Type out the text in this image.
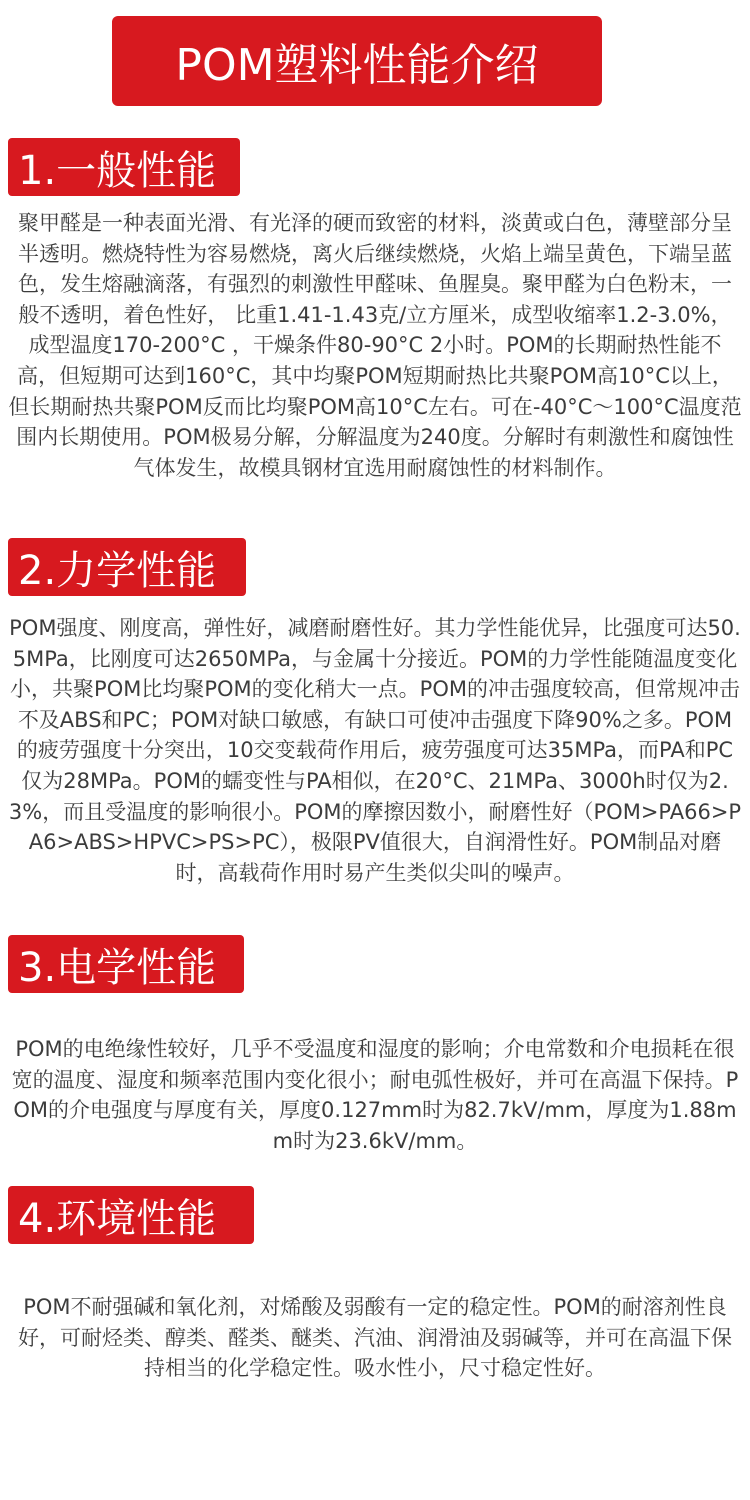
POM塑料性能介绍
1.一般性能

聚甲醛是一种表面光滑、有光泽的硬而致密的材料，淡黄或白色，薄壁部分呈半透明。燃烧特性为容易燃烧，离火后继续燃烧，火焰上端呈黄色，下端呈蓝色，发生熔融滴落，有强烈的刺激性甲醛味、鱼腥臭。聚甲醛为白色粉末，一般不透明，着色性好， 比重1.41-1.43克/立方厘米，成型收缩率1.2-3.0%，成型温度170-200°C ，干燥条件80-90°C 2小时。POM的长期耐热性能不高，但短期可达到160°C，其中均聚POM短期耐热比共聚POM高10°C以上，但长期耐热共聚POM反而比均聚POM高10°C左右。可在-40°C～100°C温度范围内长期使用。POM极易分解，分解温度为240度。分解时有刺激性和腐蚀性气体发生，故模具钢材宜选用耐腐蚀性的材料制作。

2.力学性能

POM强度、刚度高，弹性好，减磨耐磨性好。其力学性能优异，比强度可达50.5MPa，比刚度可达2650MPa，与金属十分接近。POM的力学性能随温度变化小，共聚POM比均聚POM的变化稍大一点。POM的冲击强度较高，但常规冲击不及ABS和PC；POM对缺口敏感，有缺口可使冲击强度下降90%之多。POM的疲劳强度十分突出，10交变载荷作用后，疲劳强度可达35MPa，而PA和PC仅为28MPa。POM的蠕变性与PA相似，在20°C、21MPa、3000h时仅为2.3%，而且受温度的影响很小。POM的摩擦因数小，耐磨性好（POM>PA66>PA6>ABS>HPVC>PS>PC），极限PV值很大，自润滑性好。POM制品对磨时，高载荷作用时易产生类似尖叫的噪声。

3.电学性能

POM的电绝缘性较好，几乎不受温度和湿度的影响；介电常数和介电损耗在很宽的温度、湿度和频率范围内变化很小；耐电弧性极好，并可在高温下保持。POM的介电强度与厚度有关，厚度0.127mm时为82.7kV/mm，厚度为1.88mm时为23.6kV/mm。

4.环境性能

POM不耐强碱和氧化剂，对烯酸及弱酸有一定的稳定性。POM的耐溶剂性良好，可耐烃类、醇类、醛类、醚类、汽油、润滑油及弱碱等，并可在高温下保持相当的化学稳定性。吸水性小，尺寸稳定性好。
